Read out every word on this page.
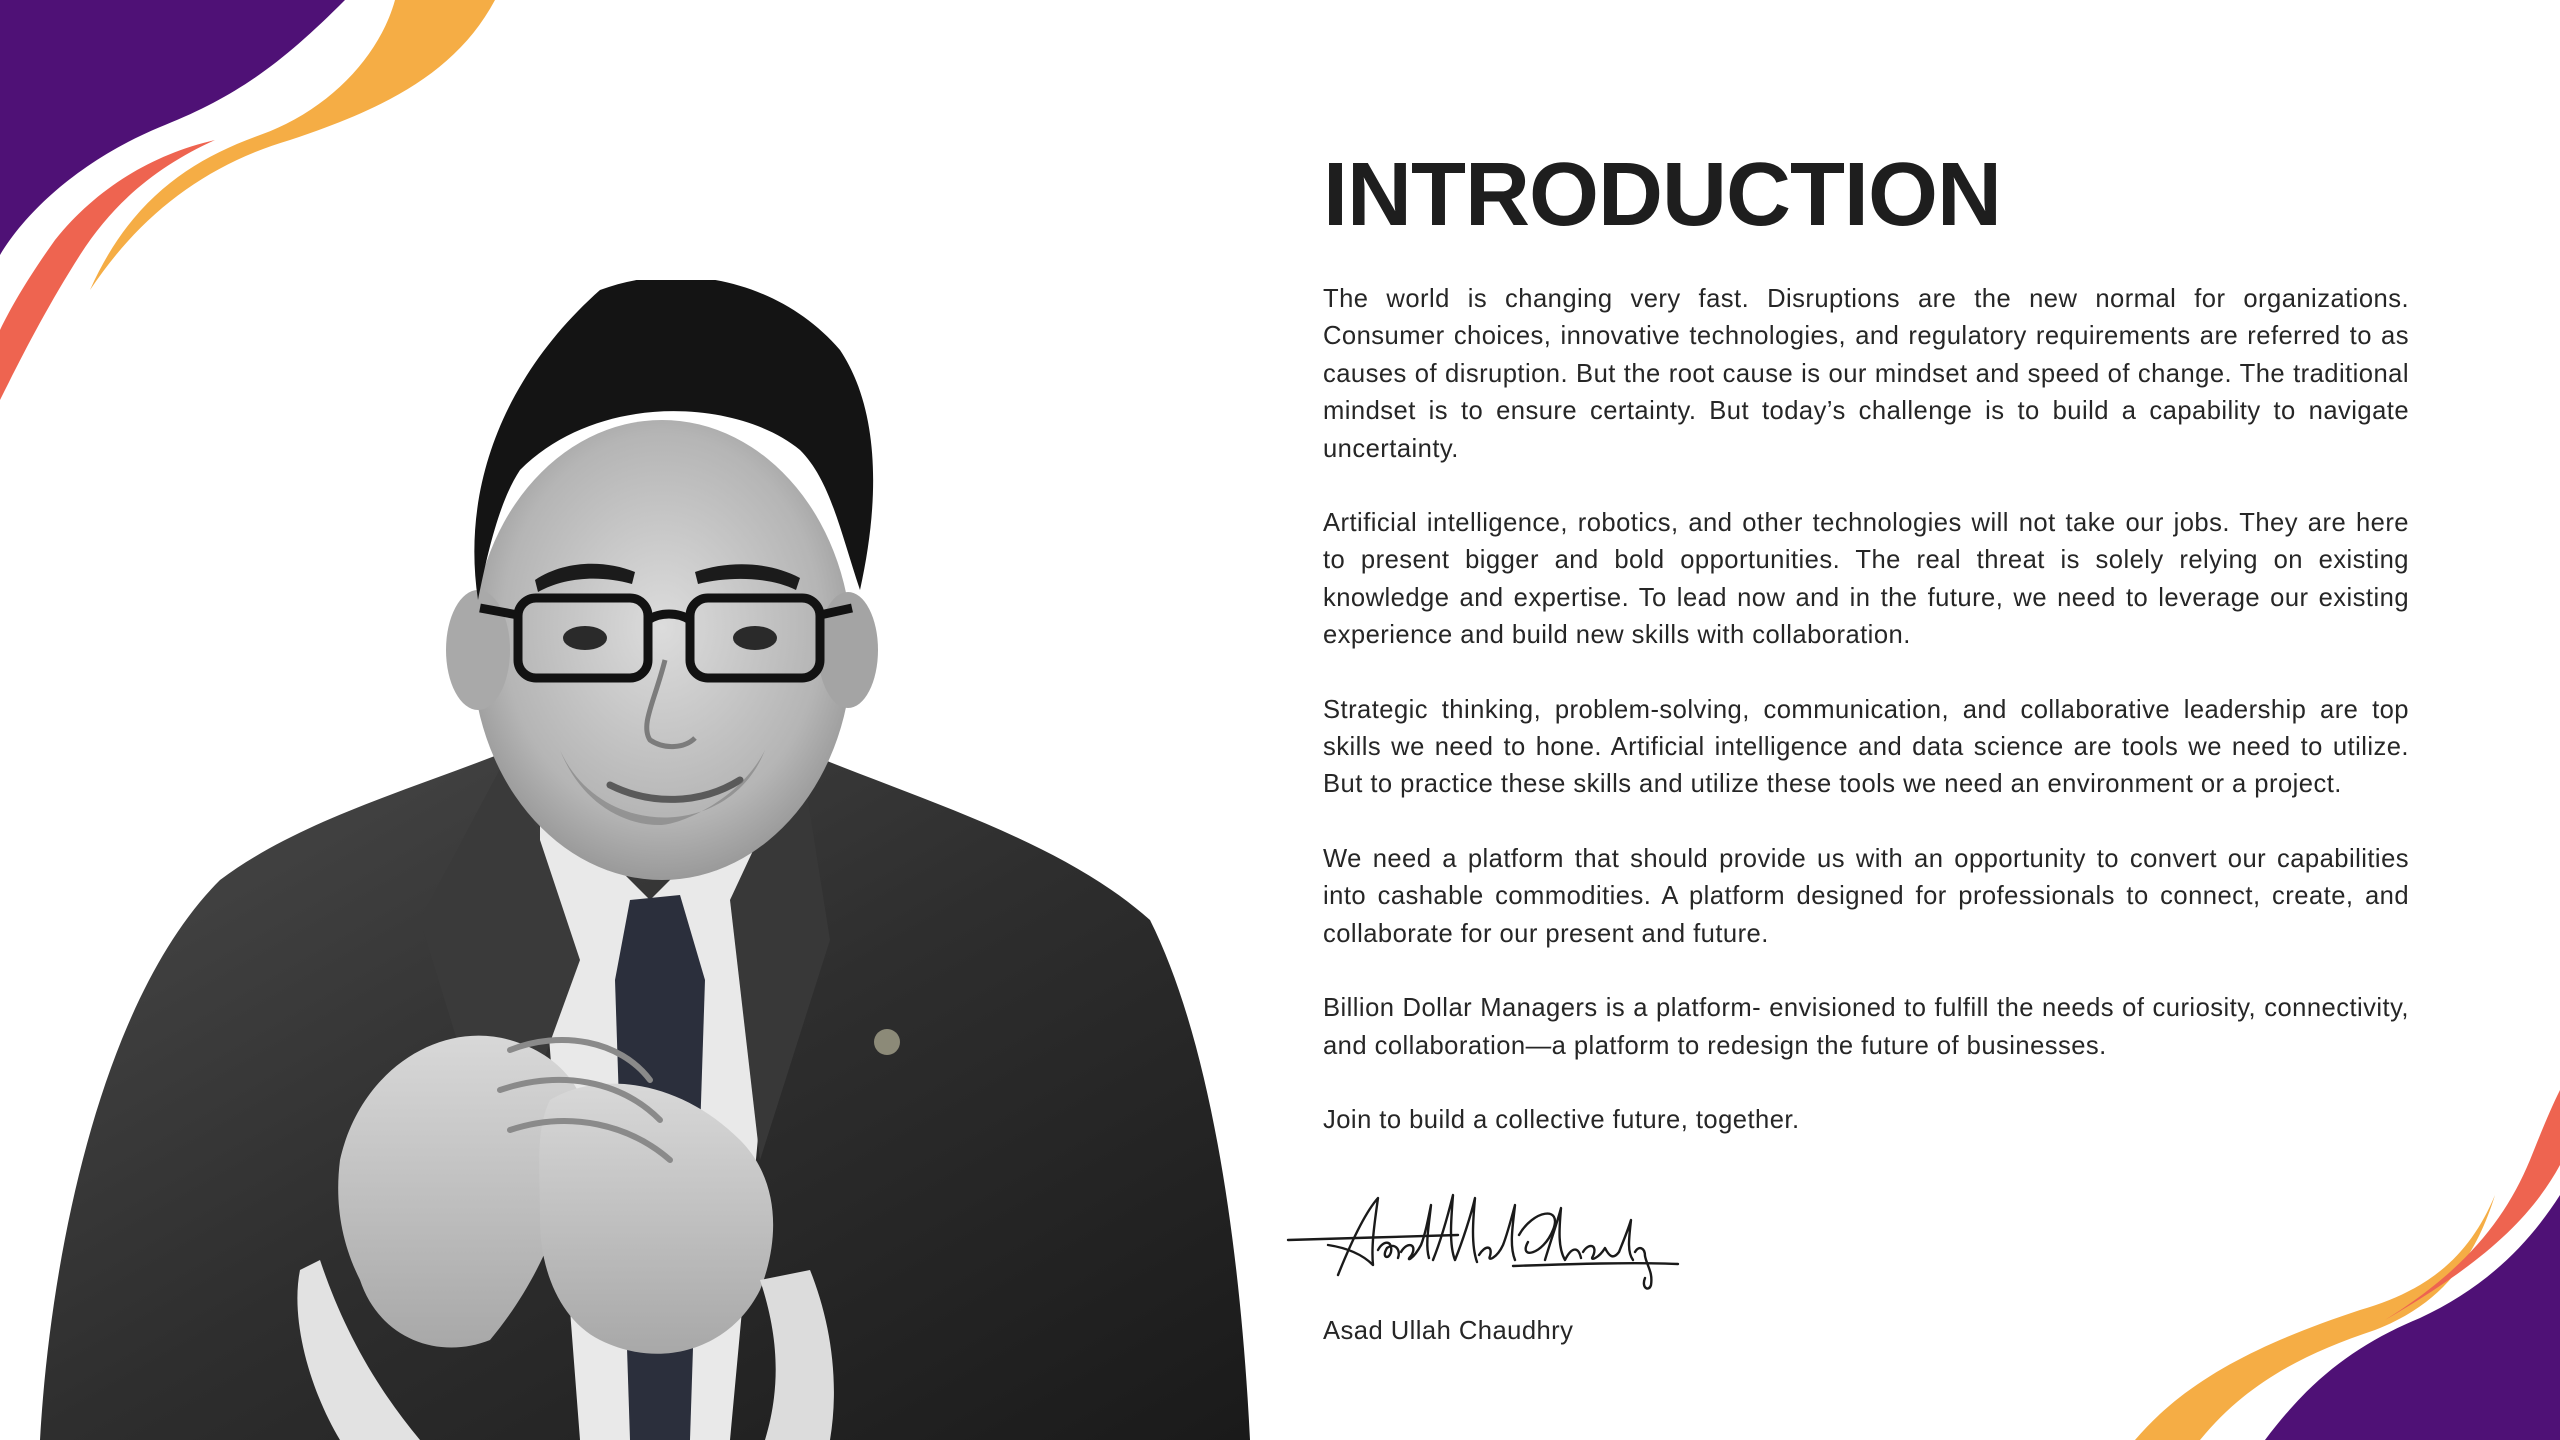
INTRODUCTION

The world is changing very fast. Disruptions are the new normal for organizations. Consumer choices, innovative technologies, and regulatory requirements are referred to as causes of disruption. But the root cause is our mindset and speed of change. The traditional mindset is to ensure certainty. But today’s challenge is to build a capability to navigate uncertainty.

Artificial intelligence, robotics, and other technologies will not take our jobs. They are here to present bigger and bold opportunities. The real threat is solely relying on existing knowledge and expertise. To lead now and in the future, we need to leverage our existing experience and build new skills with collaboration.

Strategic thinking, problem-solving, communication, and collaborative leadership are top skills we need to hone. Artificial intelligence and data science are tools we need to utilize. But to practice these skills and utilize these tools we need an environment or a project.

We need a platform that should provide us with an opportunity to convert our capabilities into cashable commodities. A platform designed for professionals to connect, create, and collaborate for our present and future.

Billion Dollar Managers is a platform- envisioned to fulfill the needs of curiosity, connectivity, and collaboration—a platform to redesign the future of businesses.

Join to build a collective future, together.

Asad Ullah Chaudhry
